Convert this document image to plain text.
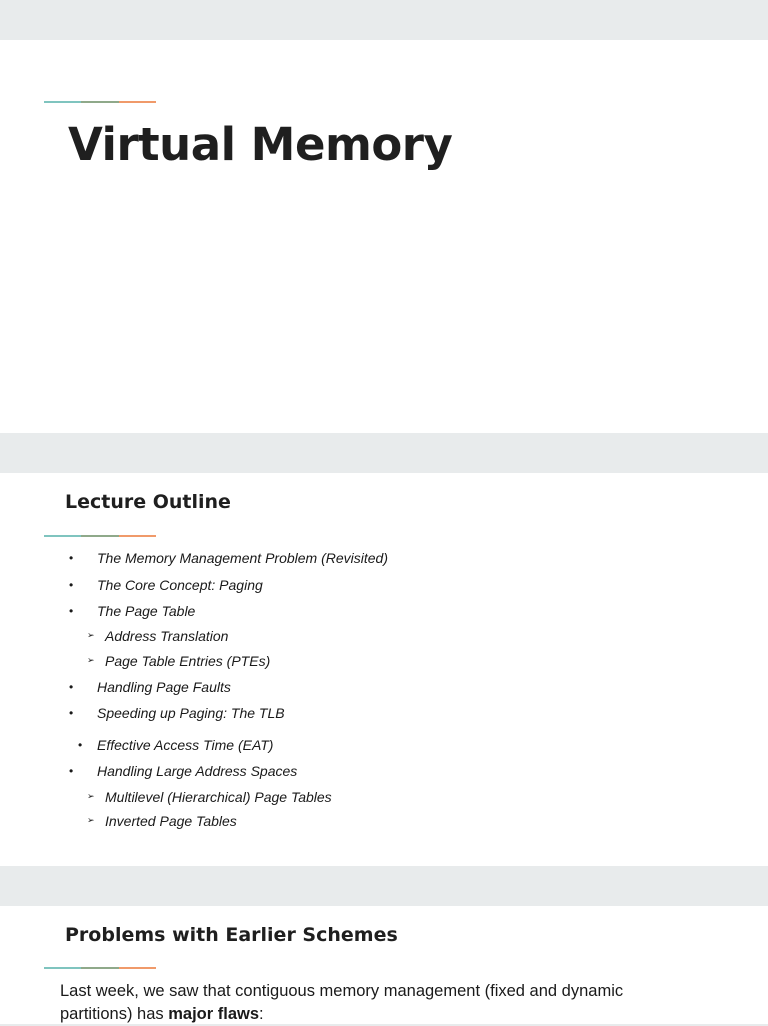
Virtual Memory
Lecture Outline
• The Memory Management Problem (Revisited)
• The Core Concept: Paging
• The Page Table
➢ Address Translation
➢ Page Table Entries (PTEs)
• Handling Page Faults
• Speeding up Paging: The TLB
• Effective Access Time (EAT)
• Handling Large Address Spaces
➢ Multilevel (Hierarchical) Page Tables
➢ Inverted Page Tables
Problems with Earlier Schemes

Last week, we saw that contiguous memory management (fixed and dynamic partitions) has major flaws:
